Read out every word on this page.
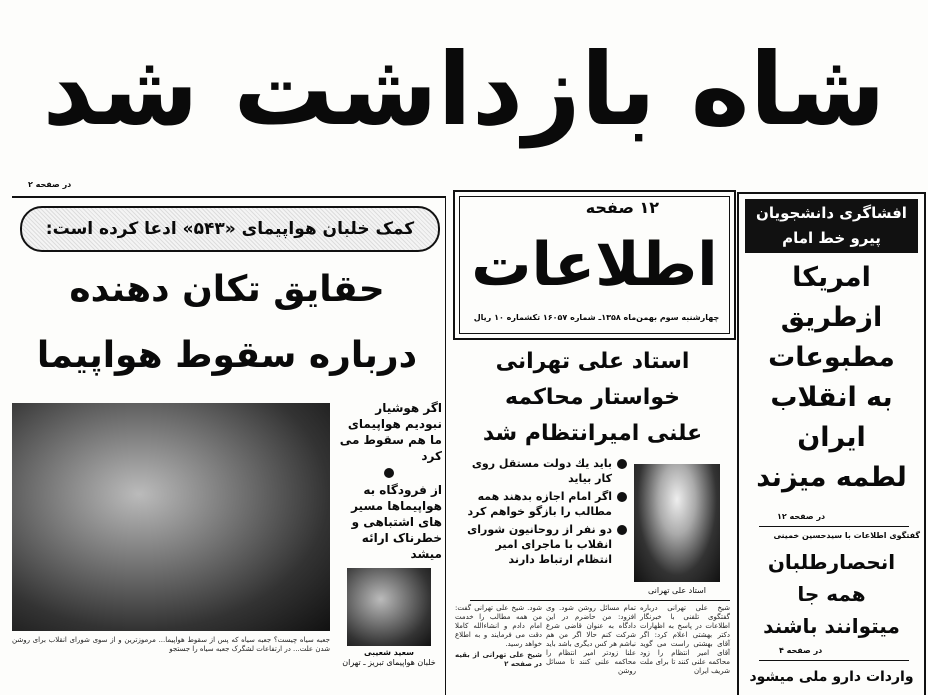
شاه بازداشت شد
در صفحه ۲
کمک خلبان هواپیمای «۵۴۳» ادعا کرده است:
حقایق تکان دهنده
درباره سقوط هواپیما
اگر هوشیار نبودیم هواپیمای ما هم سقوط می کرد
از فرودگاه به هواپیماها مسیر های اشتباهی و خطرناک ارائه میشد
سعید شعیبی
خلبان هواپیمای تبریز ـ تهران
جعبه سیاه چیست؟ جعبه سیاه که پس از سقوط هواپیما... مرموزترین و از سوی شورای انقلاب برای روشن شدن علت... در ارتفاعات لشگرک جعبه سیاه را جستجو
۱۲ صفحه
اطلاعات
چهارشنبه سوم بهمن‌ماه ۱۳۵۸ـ شماره ۱۶۰۵۷ تکشماره ۱۰ ریال
استاد علی تهرانی
خواستار محاکمه
علنی امیرانتظام شد
باید یك دولت مستقل روی کار بیاید
اگر امام اجازه بدهند همه مطالب را بازگو خواهم کرد
دو نفر از روحانیون شورای انقلاب با ماجرای امیر انتظام ارتباط دارند
استاد علی تهرانی
شیخ علی تهرانی درباره گفتگوی تلفنی با خبرنگار اطلاعات در پاسخ به اظهارات دکتر بهشتی اعلام کرد: اگر آقای بهشتی راست می گوید آقای امیر انتظام را زود محاکمه علنی کنند تا برای ملت شریف ایران
تمام مسائل روشن شود. وی افزود: من حاضرم در این دادگاه به عنوان قاضی شرع شرکت کنم حالا اگر من هم نباشم هر کس دیگری باشد باید علنا زودتر امیر انتظام را محاکمه علنی کنند تا مسائل روشن
شود. شیخ علی تهرانی گفت: من همه مطالب را خدمت امام دادم و انشاءالله کاملا دقت می فرمایند و به اطلاع خواهد رسید.
شیخ علی تهرانی از بقیه در صفحه ۲
افشاگری دانشجویان پیرو خط امام
امریکا
ازطریق
مطبوعات
به انقلاب
ایران
لطمه میزند
در صفحه ۱۲
گفتگوی اطلاعات با سیدحسین خمینی
انحصارطلبان
همه جا
میتوانند باشند
در صفحه ۴
واردات دارو ملی میشود
